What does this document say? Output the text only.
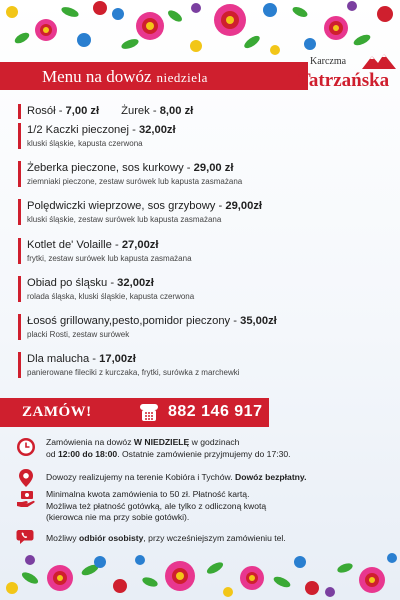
Menu na dowóz niedziela
Karczma
Tatrzańska
Rosół - 7,00 zł Żurek - 8,00 zł
1/2 Kaczki pieczonej - 32,00zł
kluski śląskie, kapusta czerwona
Żeberka pieczone, sos kurkowy - 29,00 zł
ziemniaki pieczone, zestaw surówek lub kapusta zasmażana
Polędwiczki wieprzowe, sos grzybowy - 29,00zł
kluski śląskie, zestaw surówek lub kapusta zasmażana
Kotlet de' Volaille - 27,00zł
frytki, zestaw surówek lub kapusta zasmażana
Obiad po śląsku - 32,00zł
rolada śląska, kluski śląskie, kapusta czerwona
Łosoś grillowany,pesto,pomidor pieczony - 35,00zł
placki Rosti, zestaw surówek
Dla malucha - 17,00zł
panierowane fileciki z kurczaka, frytki, surówka z marchewki
ZAMÓW!	882 146 917
Zamówienia na dowóz W NIEDZIELĘ w godzinach
od 12:00 do 18:00. Ostatnie zamówienie przyjmujemy do 17:30.
Dowozy realizujemy na terenie Kobióra i Tychów. Dowóz bezpłatny.
Minimalna kwota zamówienia to 50 zł. Płatność kartą.
Możliwa też płatność gotówką, ale tylko z odliczoną kwotą
(kierowca nie ma przy sobie gotówki).
Możliwy odbiór osobisty, przy wcześniejszym zamówieniu tel.
